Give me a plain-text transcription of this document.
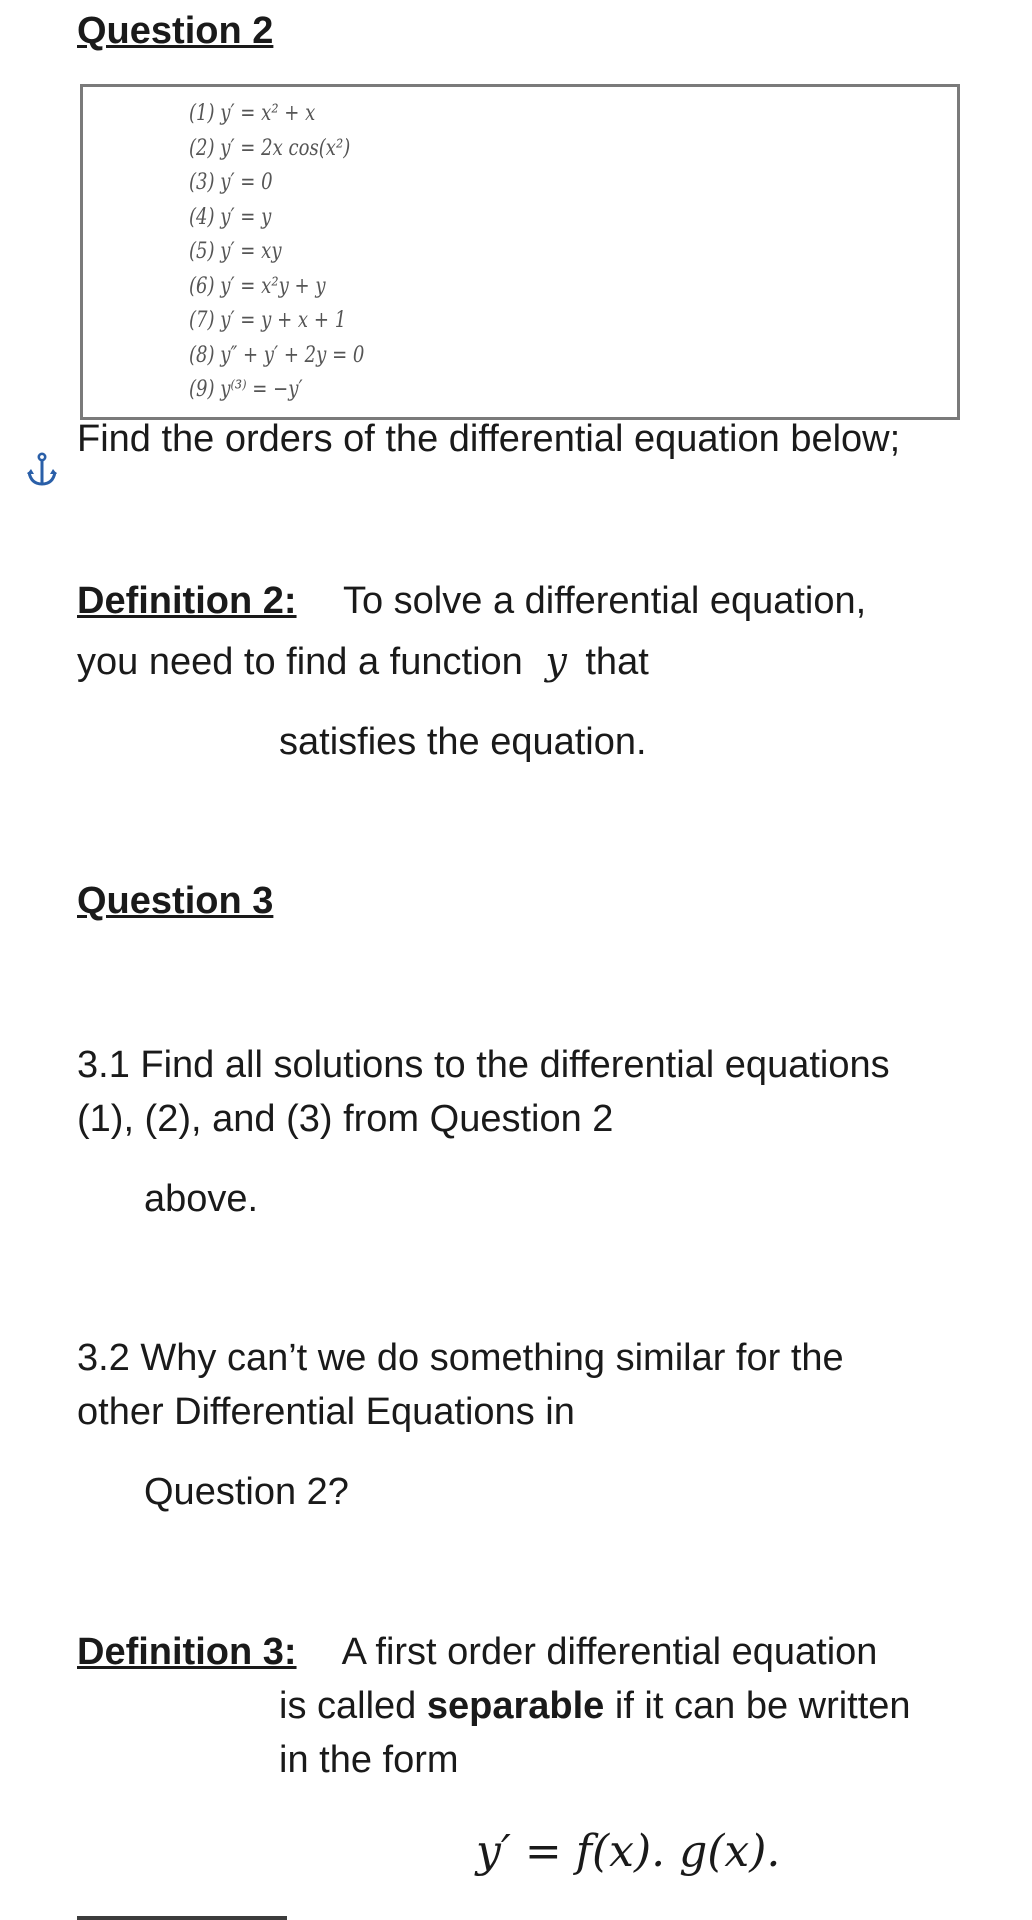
Question 2
(1) y′ = x² + x
(2) y′ = 2x cos(x²)
(3) y′ = 0
(4) y′ = y
(5) y′ = xy
(6) y′ = x²y + y
(7) y′ = y + x + 1
(8) y″ + y′ + 2y = 0
(9) y⁽³⁾ = −y′
Find the orders of the differential equation below;
Definition 2: To solve a differential equation,
you need to find a function y that
satisfies the equation.
Question 3
3.1 Find all solutions to the differential equations
(1), (2), and (3) from Question 2
above.
3.2 Why can’t we do something similar for the
other Differential Equations in
Question 2?
Definition 3: A first order differential equation
is called separable if it can be written
in the form
y′ = f(x). g(x).
